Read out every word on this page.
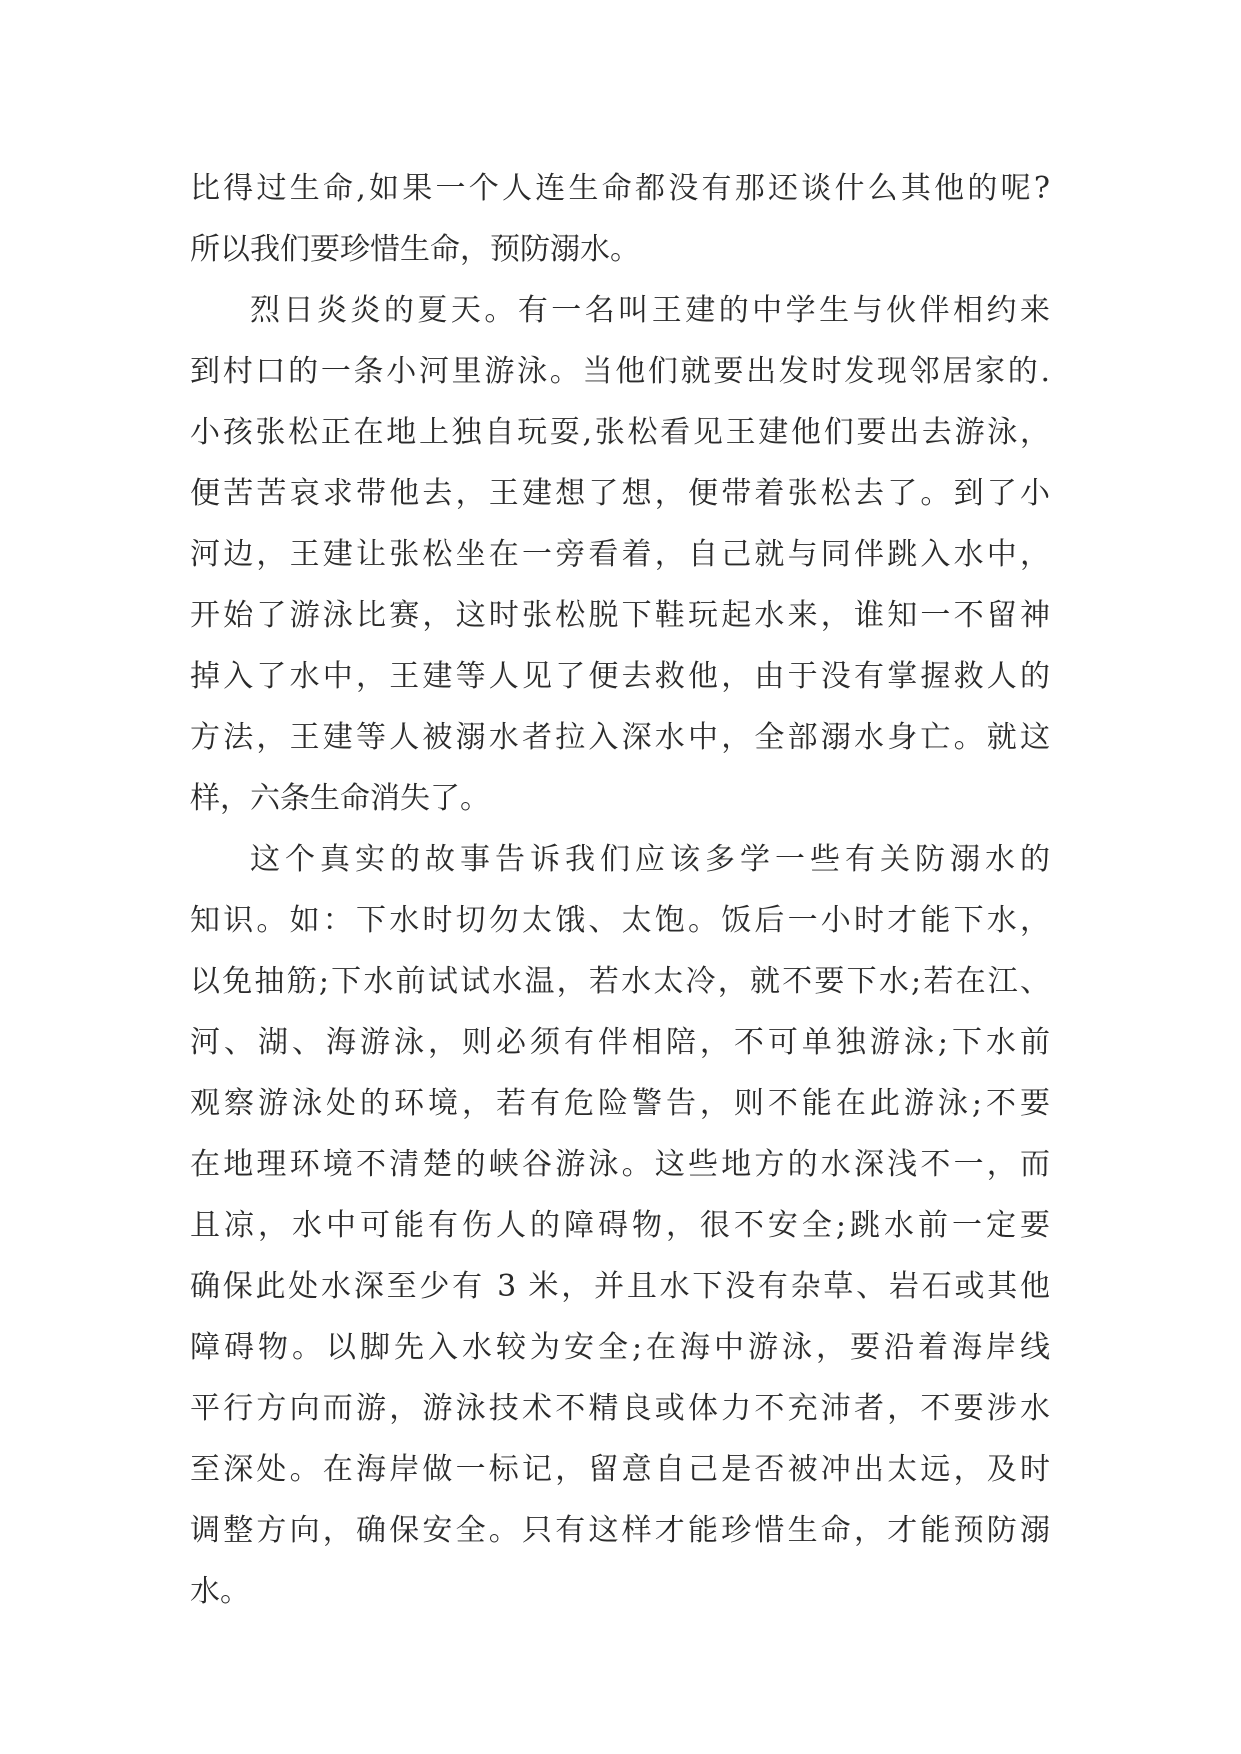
比得过生命,如果一个人连生命都没有那还谈什么其他的呢?
所以我们要珍惜生命，预防溺水。
烈日炎炎的夏天。有一名叫王建的中学生与伙伴相约来
到村口的一条小河里游泳。当他们就要出发时发现邻居家的.
小孩张松正在地上独自玩耍,张松看见王建他们要出去游泳，
便苦苦哀求带他去，王建想了想，便带着张松去了。到了小
河边，王建让张松坐在一旁看着，自己就与同伴跳入水中，
开始了游泳比赛，这时张松脱下鞋玩起水来，谁知一不留神
掉入了水中，王建等人见了便去救他，由于没有掌握救人的
方法，王建等人被溺水者拉入深水中，全部溺水身亡。就这
样，六条生命消失了。
这个真实的故事告诉我们应该多学一些有关防溺水的
知识。如：下水时切勿太饿、太饱。饭后一小时才能下水，
以免抽筋;下水前试试水温，若水太冷，就不要下水;若在江、
河、湖、海游泳，则必须有伴相陪，不可单独游泳;下水前
观察游泳处的环境，若有危险警告，则不能在此游泳;不要
在地理环境不清楚的峡谷游泳。这些地方的水深浅不一，而
且凉，水中可能有伤人的障碍物，很不安全;跳水前一定要
确保此处水深至少有 3 米，并且水下没有杂草、岩石或其他
障碍物。以脚先入水较为安全;在海中游泳，要沿着海岸线
平行方向而游，游泳技术不精良或体力不充沛者，不要涉水
至深处。在海岸做一标记，留意自己是否被冲出太远，及时
调整方向，确保安全。只有这样才能珍惜生命，才能预防溺
水。
